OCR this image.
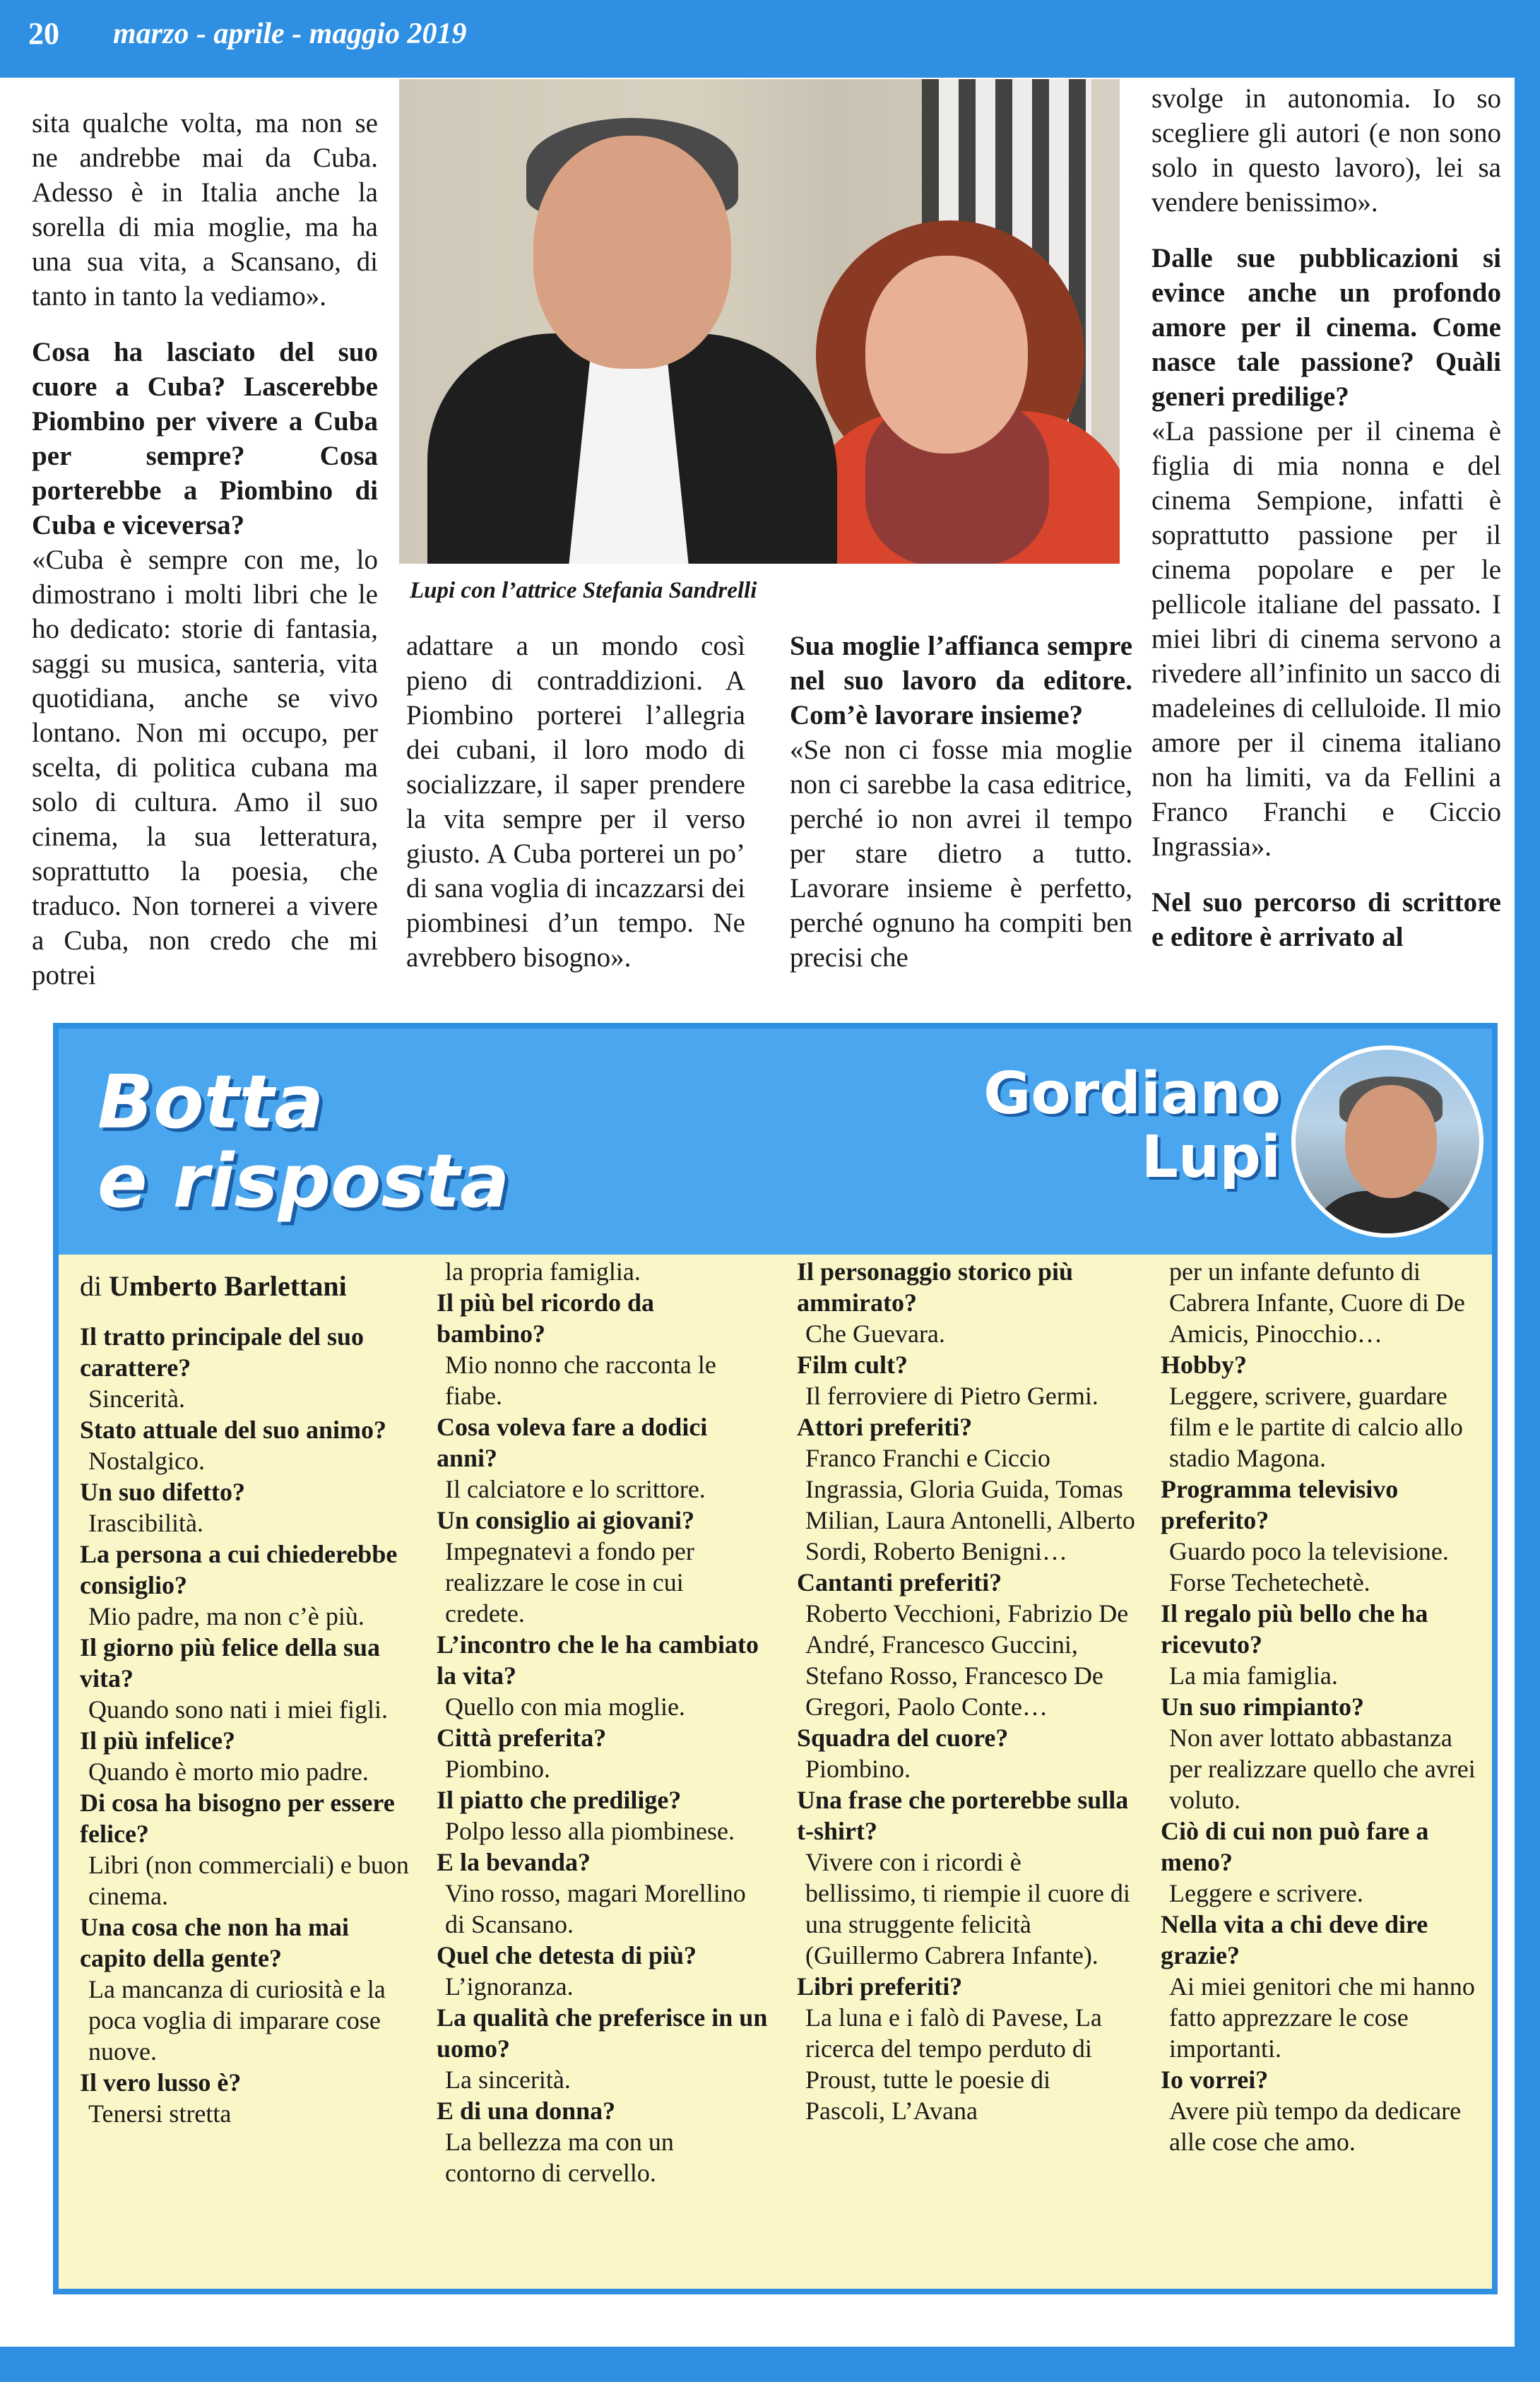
20 marzo - aprile - maggio 2019

sita qualche volta, ma non se ne andrebbe mai da Cuba. Adesso è in Italia anche la sorella di mia moglie, ma ha una sua vita, a Scansano, di tanto in tanto la vediamo».

Cosa ha lasciato del suo cuore a Cuba? Lascerebbe Piombino per vivere a Cuba per sempre? Cosa porterebbe a Piombino di Cuba e viceversa?

«Cuba è sempre con me, lo dimostrano i molti libri che le ho dedicato: storie di fantasia, saggi su musica, santeria, vita quotidiana, anche se vivo lontano. Non mi occupo, per scelta, di politica cubana ma solo di cultura. Amo il suo cinema, la sua letteratura, soprattutto la poesia, che traduco. Non tornerei a vivere a Cuba, non credo che mi potrei

adattare a un mondo così pieno di contraddizioni. A Piombino porterei l’allegria dei cubani, il loro modo di socializzare, il saper prendere la vita sempre per il verso giusto. A Cuba porterei un po’ di sana voglia di incazzarsi dei piombinesi d’un tempo. Ne avrebbero bisogno».

Sua moglie l’affianca sempre nel suo lavoro da editore. Com’è lavorare insieme?

«Se non ci fosse mia moglie non ci sarebbe la casa editrice, perché io non avrei il tempo per stare dietro a tutto. Lavorare insieme è perfetto, perché ognuno ha compiti ben precisi che

svolge in autonomia. Io so scegliere gli autori (e non sono solo in questo lavoro), lei sa vendere benissimo».

Dalle sue pubblicazioni si evince anche un profondo amore per il cinema. Come nasce tale passione? Quàli generi predilige?

«La passione per il cinema è figlia di mia nonna e del cinema Sempione, infatti è soprattutto passione per il cinema popolare e per le pellicole italiane del passato. I miei libri di cinema servono a rivedere all’infinito un sacco di madeleines di celluloide. Il mio amore per il cinema italiano non ha limiti, va da Fellini a Franco Franchi e Ciccio Ingrassia».

Nel suo percorso di scrittore e editore è arrivato al

Lupi con l’attrice Stefania Sandrelli
Botta
e risposta
Gordiano
Lupi

di Umberto Barlettani

Il tratto principale del suo carattere?

Sincerità.

Stato attuale del suo animo?

Nostalgico.

Un suo difetto?

Irascibilità.

La persona a cui chiederebbe consiglio?

Mio padre, ma non c’è più.

Il giorno più felice della sua vita?

Quando sono nati i miei figli.

Il più infelice?

Quando è morto mio padre.

Di cosa ha bisogno per essere felice?

Libri (non commerciali) e buon cinema.

Una cosa che non ha mai capito della gente?

La mancanza di curiosità e la poca voglia di imparare cose nuove.

Il vero lusso è?

Tenersi stretta

la propria famiglia.

Il più bel ricordo da bambino?

Mio nonno che racconta le fiabe.

Cosa voleva fare a dodici anni?

Il calciatore e lo scrittore.

Un consiglio ai giovani?

Impegnatevi a fondo per realizzare le cose in cui credete.

L’incontro che le ha cambiato la vita?

Quello con mia moglie.

Città preferita?

Piombino.

Il piatto che predilige?

Polpo lesso alla piombinese.

E la bevanda?

Vino rosso, magari Morellino di Scansano.

Quel che detesta di più?

L’ignoranza.

La qualità che preferisce in un uomo?

La sincerità.

E di una donna?

La bellezza ma con un contorno di cervello.

Il personaggio storico più ammirato?

Che Guevara.

Film cult?

Il ferroviere di Pietro Germi.

Attori preferiti?

Franco Franchi e Ciccio Ingrassia, Gloria Guida, Tomas Milian, Laura Antonelli, Alberto Sordi, Roberto Benigni…

Cantanti preferiti?

Roberto Vecchioni, Fabrizio De André, Francesco Guccini, Stefano Rosso, Francesco De Gregori, Paolo Conte…

Squadra del cuore?

Piombino.

Una frase che porterebbe sulla t-shirt?

Vivere con i ricordi è bellissimo, ti riempie il cuore di una struggente felicità (Guillermo Cabrera Infante).

Libri preferiti?

La luna e i falò di Pavese, La ricerca del tempo perduto di Proust, tutte le poesie di Pascoli, L’Avana

per un infante defunto di Cabrera Infante, Cuore di De Amicis, Pinocchio…

Hobby?

Leggere, scrivere, guardare film e le partite di calcio allo stadio Magona.

Programma televisivo preferito?

Guardo poco la televisione. Forse Techetechetè.

Il regalo più bello che ha ricevuto?

La mia famiglia.

Un suo rimpianto?

Non aver lottato abbastanza per realizzare quello che avrei voluto.

Ciò di cui non può fare a meno?

Leggere e scrivere.

Nella vita a chi deve dire grazie?

Ai miei genitori che mi hanno fatto apprezzare le cose importanti.

Io vorrei?

Avere più tempo da dedicare alle cose che amo.
